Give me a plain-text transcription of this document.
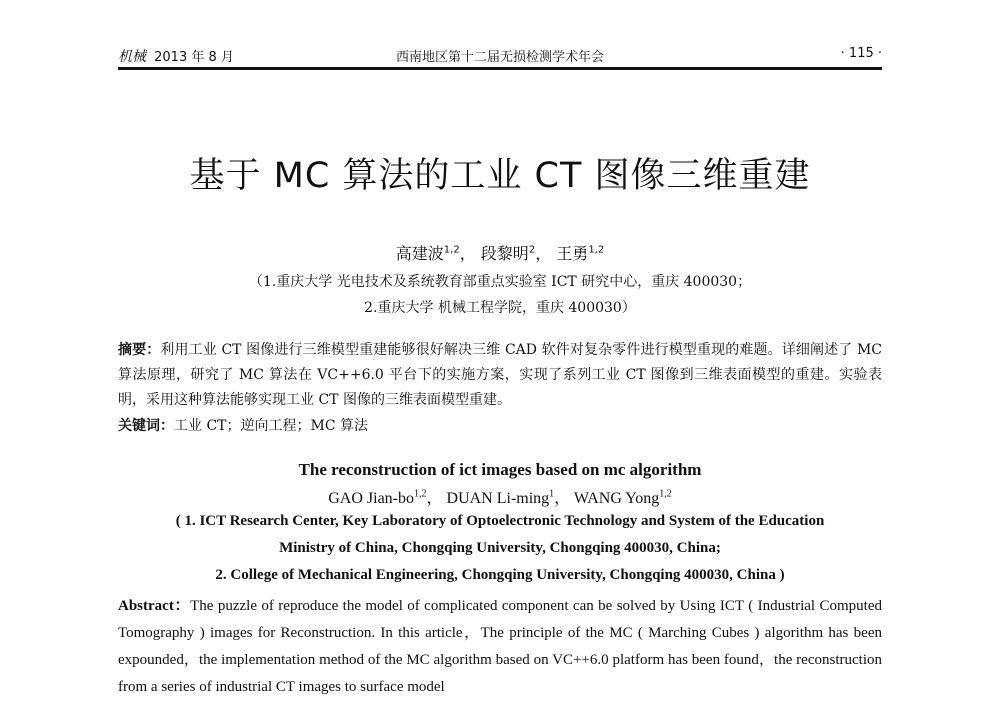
机械 2013 年 8 月	西南地区第十二届无损检测学术年会	· 115 ·
基于 MC 算法的工业 CT 图像三维重建
高建波$^{1,2}$， 段黎明$^2$， 王勇$^{1,2}$
（1.重庆大学 光电技术及系统教育部重点实验室 ICT 研究中心，重庆 400030；
2.重庆大学 机械工程学院，重庆 400030）
摘要：利用工业 CT 图像进行三维模型重建能够很好解决三维 CAD 软件对复杂零件进行模型重现的难题。详细阐述了 MC 算法原理，研究了 MC 算法在 VC++6.0 平台下的实施方案，实现了系列工业 CT 图像到三维表面模型的重建。实验表明，采用这种算法能够实现工业 CT 图像的三维表面模型重建。
关键词：工业 CT；逆向工程；MC 算法
The reconstruction of ict images based on mc algorithm
GAO Jian-bo$^{1,2}$， DUAN Li-ming$^1$， WANG Yong$^{1,2}$
( 1. ICT Research Center, Key Laboratory of Optoelectronic Technology and System of the Education
Ministry of China, Chongqing University, Chongqing 400030, China;
2. College of Mechanical Engineering, Chongqing University, Chongqing 400030, China )
Abstract：The puzzle of reproduce the model of complicated component can be solved by Using ICT ( Industrial Computed Tomography ) images for Reconstruction. In this article，The principle of the MC ( Marching Cubes ) algorithm has been expounded，the implementation method of the MC algorithm based on VC++6.0 platform has been found，the reconstruction from a series of industrial CT images to surface model
